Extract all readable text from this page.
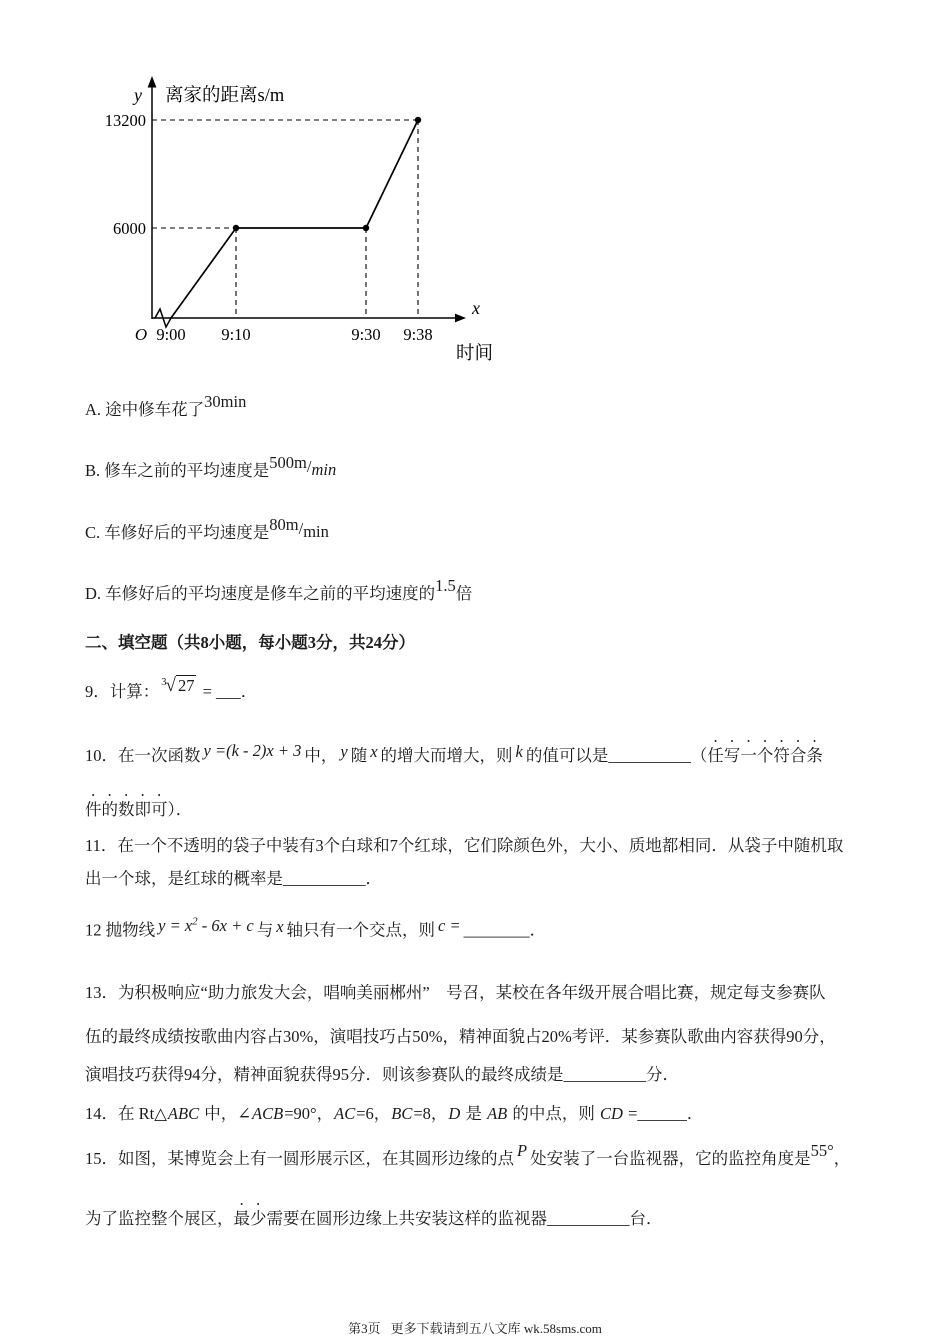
y 离家的距离s/m
x
时间
O
6000
13200
9:00 9:10	9:30 9:38

A. 途中修车花了30min

B. 修车之前的平均速度是500m/min

C. 车修好后的平均速度是80m/min

D. 车修好后的平均速度是修车之前的平均速度的1.5倍

二、填空题（共8小题，每小题3分，共24分）

9．计算： $^3$√ 27 = ___．

10．在一次函数 y =(k - 2)x + 3 中， y 随 x 的增大而增大，则 k 的值可以是__________（任写一个符合条

件的数即可）．

11．在一个不透明的袋子中装有3个白球和7个红球，它们除颜色外，大小、质地都相同．从袋子中随机取

出一个球，是红球的概率是__________．

12 抛物线 $y = x^2 - 6x + c$ 与 x 轴只有一个交点，则 c = ________．

13．为积极响应“助力旅发大会，唱响美丽郴州”　号召，某校在各年级开展合唱比赛，规定每支参赛队

伍的最终成绩按歌曲内容占30%，演唱技巧占50%，精神面貌占20%考评．某参赛队歌曲内容获得90分，

演唱技巧获得94分，精神面貌获得95分．则该参赛队的最终成绩是__________分．

14．在 Rt△ABC 中，∠ACB=90°，AC=6，BC=8，D 是 AB 的中点，则 CD =______．

15．如图，某博览会上有一圆形展示区，在其圆形边缘的点 P 处安装了一台监视器，它的监控角度是55°，

为了监控整个展区，最少需要在圆形边缘上共安装这样的监视器__________台．

第3页 更多下载请到五八文库 wk.58sms.com
